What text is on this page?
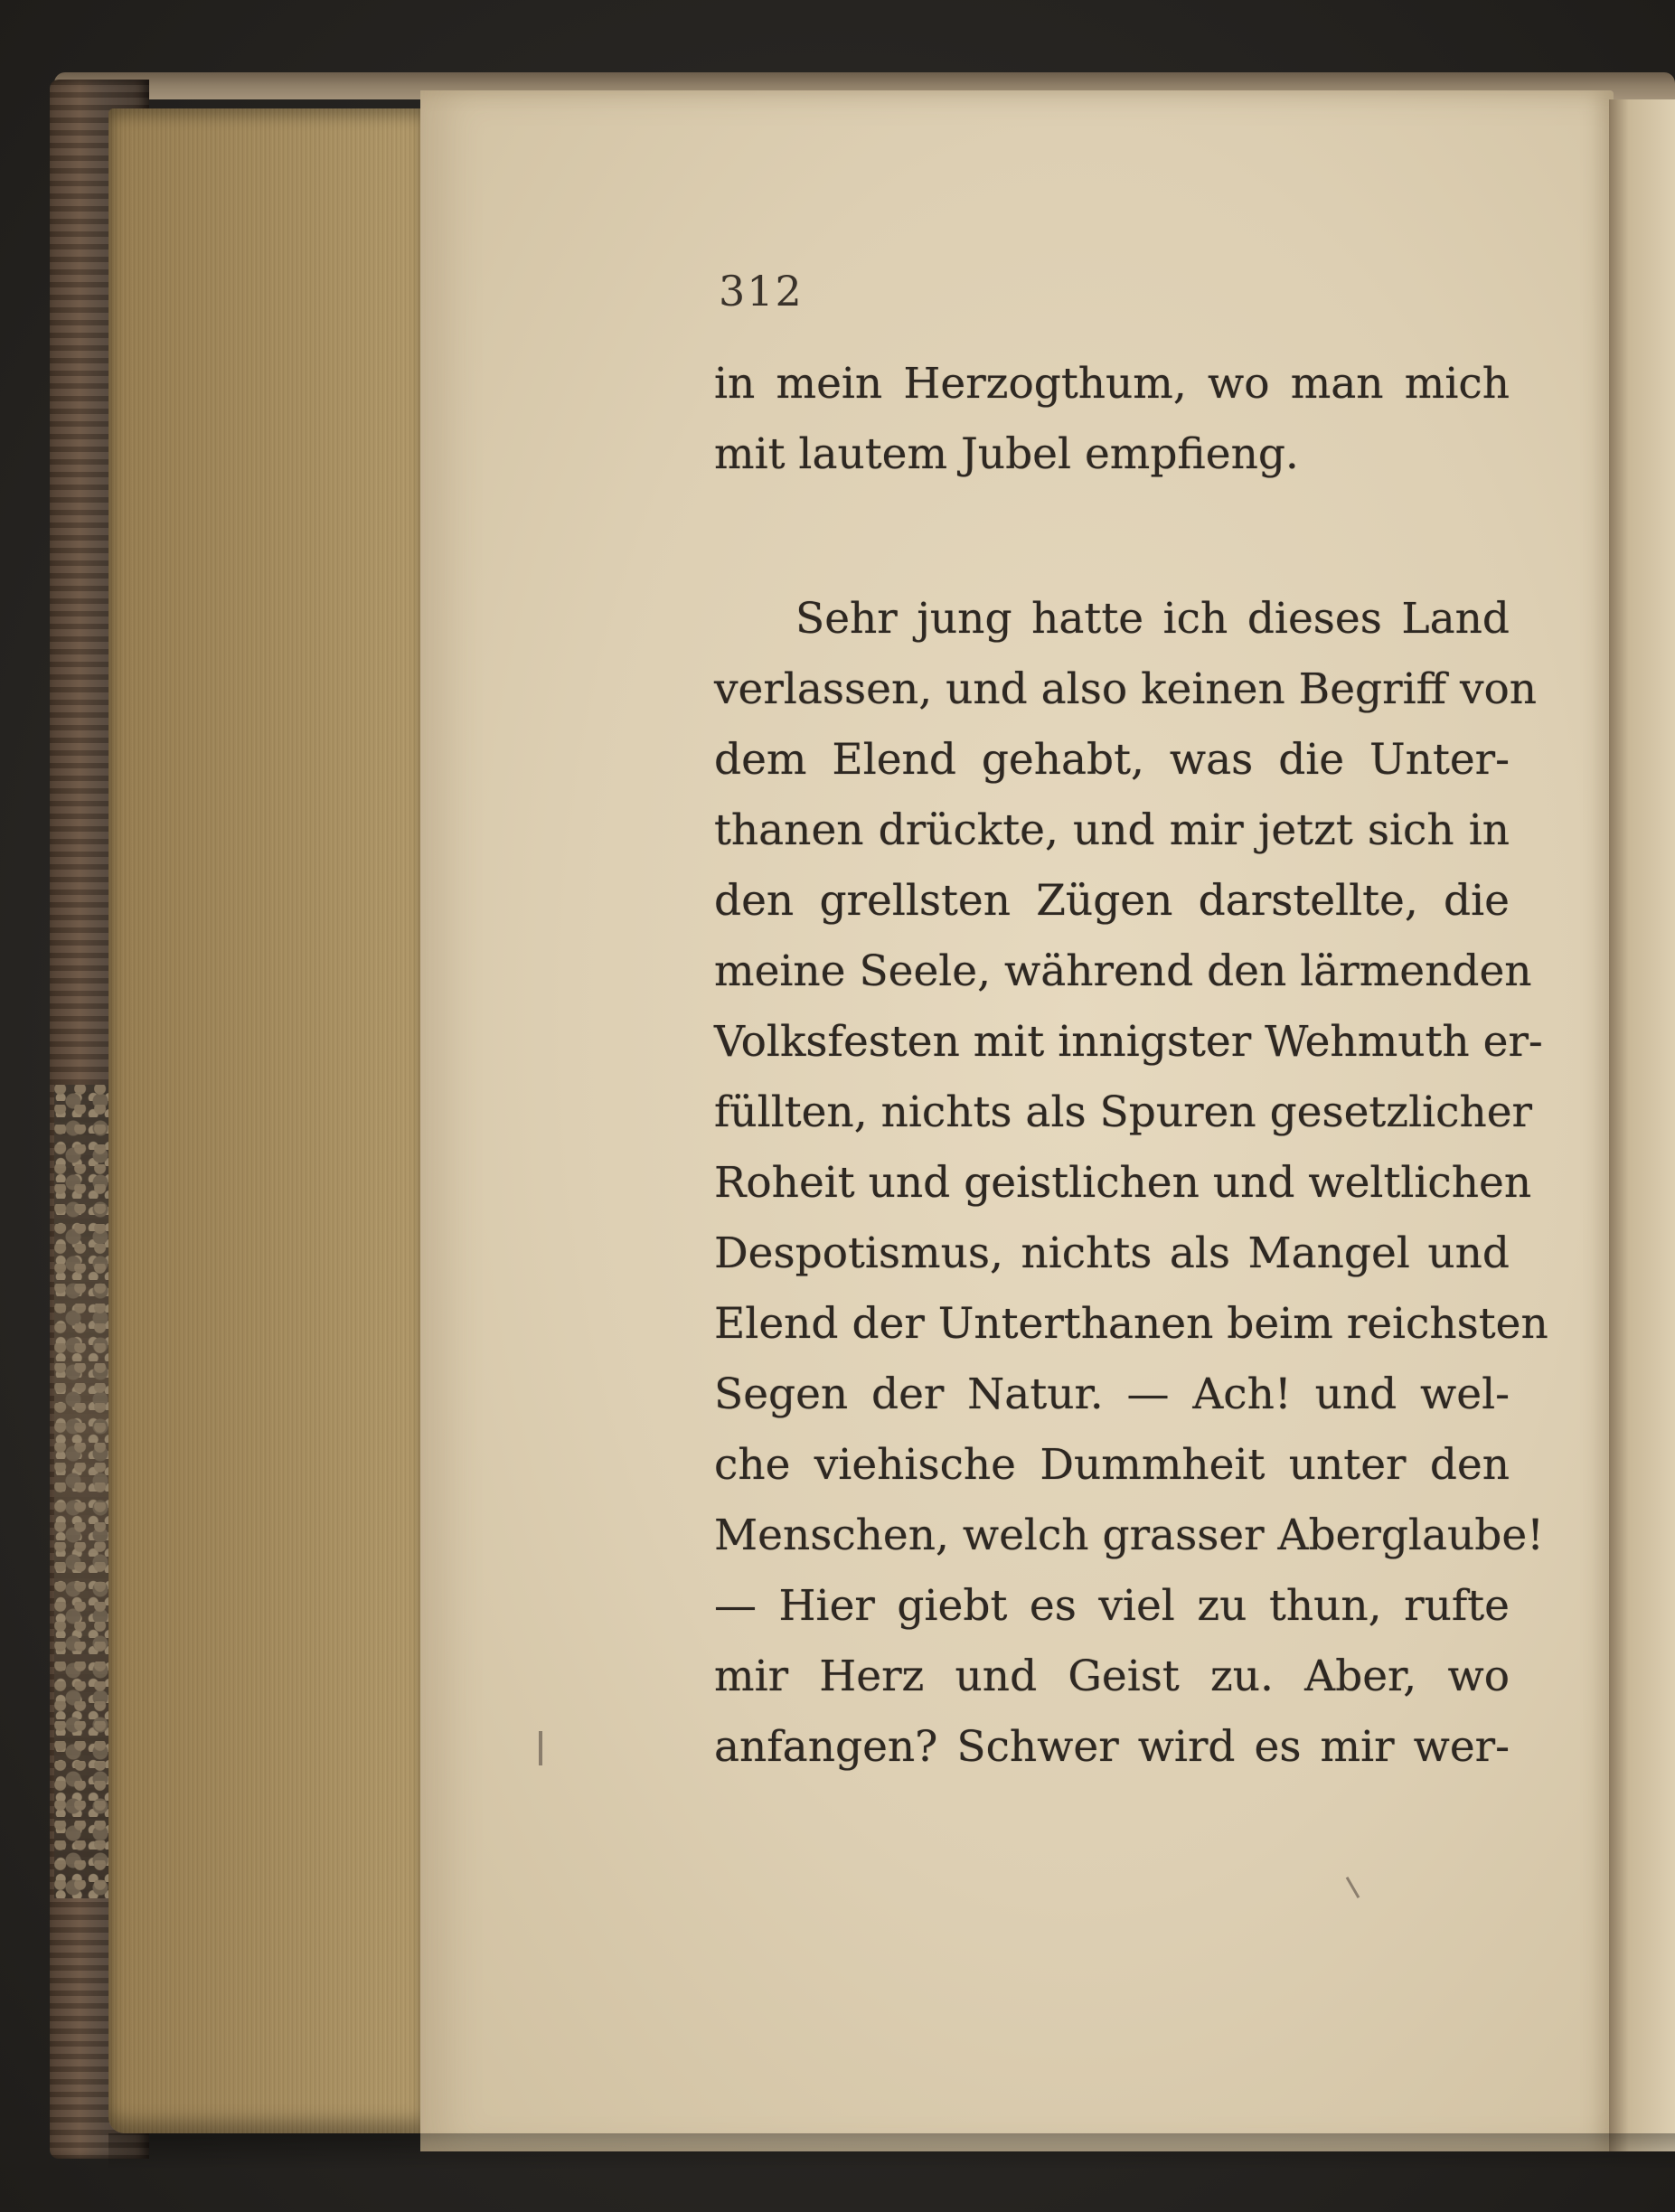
312
in mein Herzogthum, wo man mich
mit lautem Jubel empfieng.
Sehr jung hatte ich dieses Land
verlassen, und also keinen Begriff von
dem Elend gehabt, was die Unter-
thanen drückte, und mir jetzt sich in
den grellsten Zügen darstellte, die
meine Seele, während den lärmenden
Volksfesten mit innigster Wehmuth er-
füllten, nichts als Spuren gesetzlicher
Roheit und geistlichen und weltlichen
Despotismus, nichts als Mangel und
Elend der Unterthanen beim reichsten
Segen der Natur. — Ach! und wel-
che viehische Dummheit unter den
Menschen, welch grasser Aberglaube!
— Hier giebt es viel zu thun, rufte
mir Herz und Geist zu. Aber, wo
anfangen? Schwer wird es mir wer-
